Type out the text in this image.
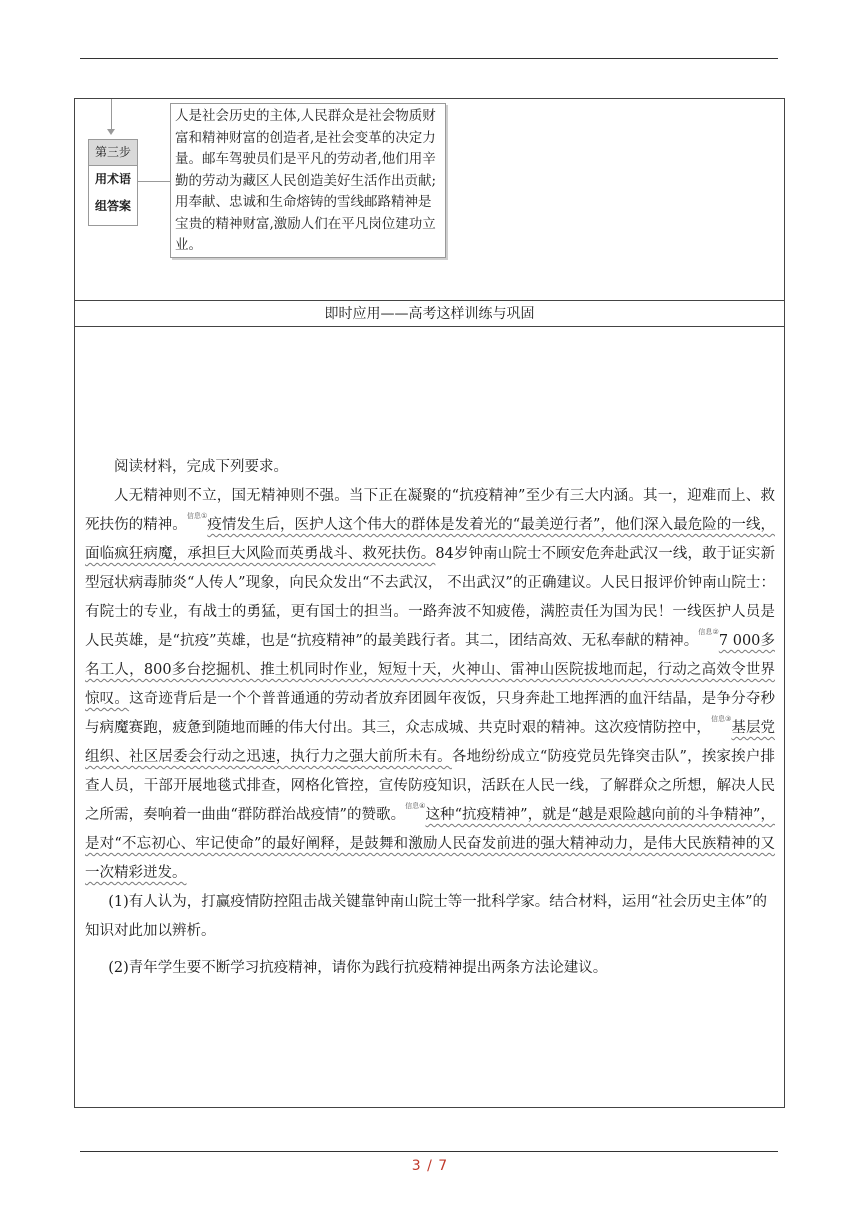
第三步
用术语
组答案
人是社会历史的主体,人民群众是社会物质财富和精神财富的创造者,是社会变革的决定力量。邮车驾驶员们是平凡的劳动者,他们用辛勤的劳动为藏区人民创造美好生活作出贡献;用奉献、忠诚和生命熔铸的雪线邮路精神是宝贵的精神财富,激励人们在平凡岗位建功立业。
即时应用——高考这样训练与巩固

阅读材料，完成下列要求。

人无精神则不立，国无精神则不强。当下正在凝聚的“抗疫精神”至少有三大内涵。其一，迎难而上、救死扶伤的精神。$^{信息①}$疫情发生后，医护人这个伟大的群体是发着光的“最美逆行者”，他们深入最危险的一线，面临疯狂病魔，承担巨大风险而英勇战斗、救死扶伤。84岁钟南山院士不顾安危奔赴武汉一线，敢于证实新型冠状病毒肺炎“人传人”现象，向民众发出“不去武汉， 不出武汉”的正确建议。人民日报评价钟南山院士：有院士的专业，有战士的勇猛，更有国士的担当。一路奔波不知疲倦，满腔责任为国为民！一线医护人员是人民英雄，是“抗疫”英雄，也是“抗疫精神”的最美践行者。其二，团结高效、无私奉献的精神。$^{信息②}$7 000多名工人，800多台挖掘机、推土机同时作业，短短十天，火神山、雷神山医院拔地而起，行动之高效令世界惊叹。这奇迹背后是一个个普普通通的劳动者放弃团圆年夜饭，只身奔赴工地挥洒的血汗结晶，是争分夺秒与病魔赛跑，疲惫到随地而睡的伟大付出。其三，众志成城、共克时艰的精神。这次疫情防控中，$^{信息③}$基层党组织、社区居委会行动之迅速，执行力之强大前所未有。各地纷纷成立“防疫党员先锋突击队”，挨家挨户排查人员，干部开展地毯式排查，网格化管控，宣传防疫知识，活跃在人民一线，了解群众之所想，解决人民之所需，奏响着一曲曲“群防群治战疫情”的赞歌。$^{信息④}$这种“抗疫精神”，就是“越是艰险越向前的斗争精神”，是对“不忘初心、牢记使命”的最好阐释，是鼓舞和激励人民奋发前进的强大精神动力，是伟大民族精神的又一次精彩迸发。

(1)有人认为，打赢疫情防控阻击战关键靠钟南山院士等一批科学家。结合材料，运用“社会历史主体”的知识对此加以辨析。

(2)青年学生要不断学习抗疫精神，请你为践行抗疫精神提出两条方法论建议。

3 / 7
